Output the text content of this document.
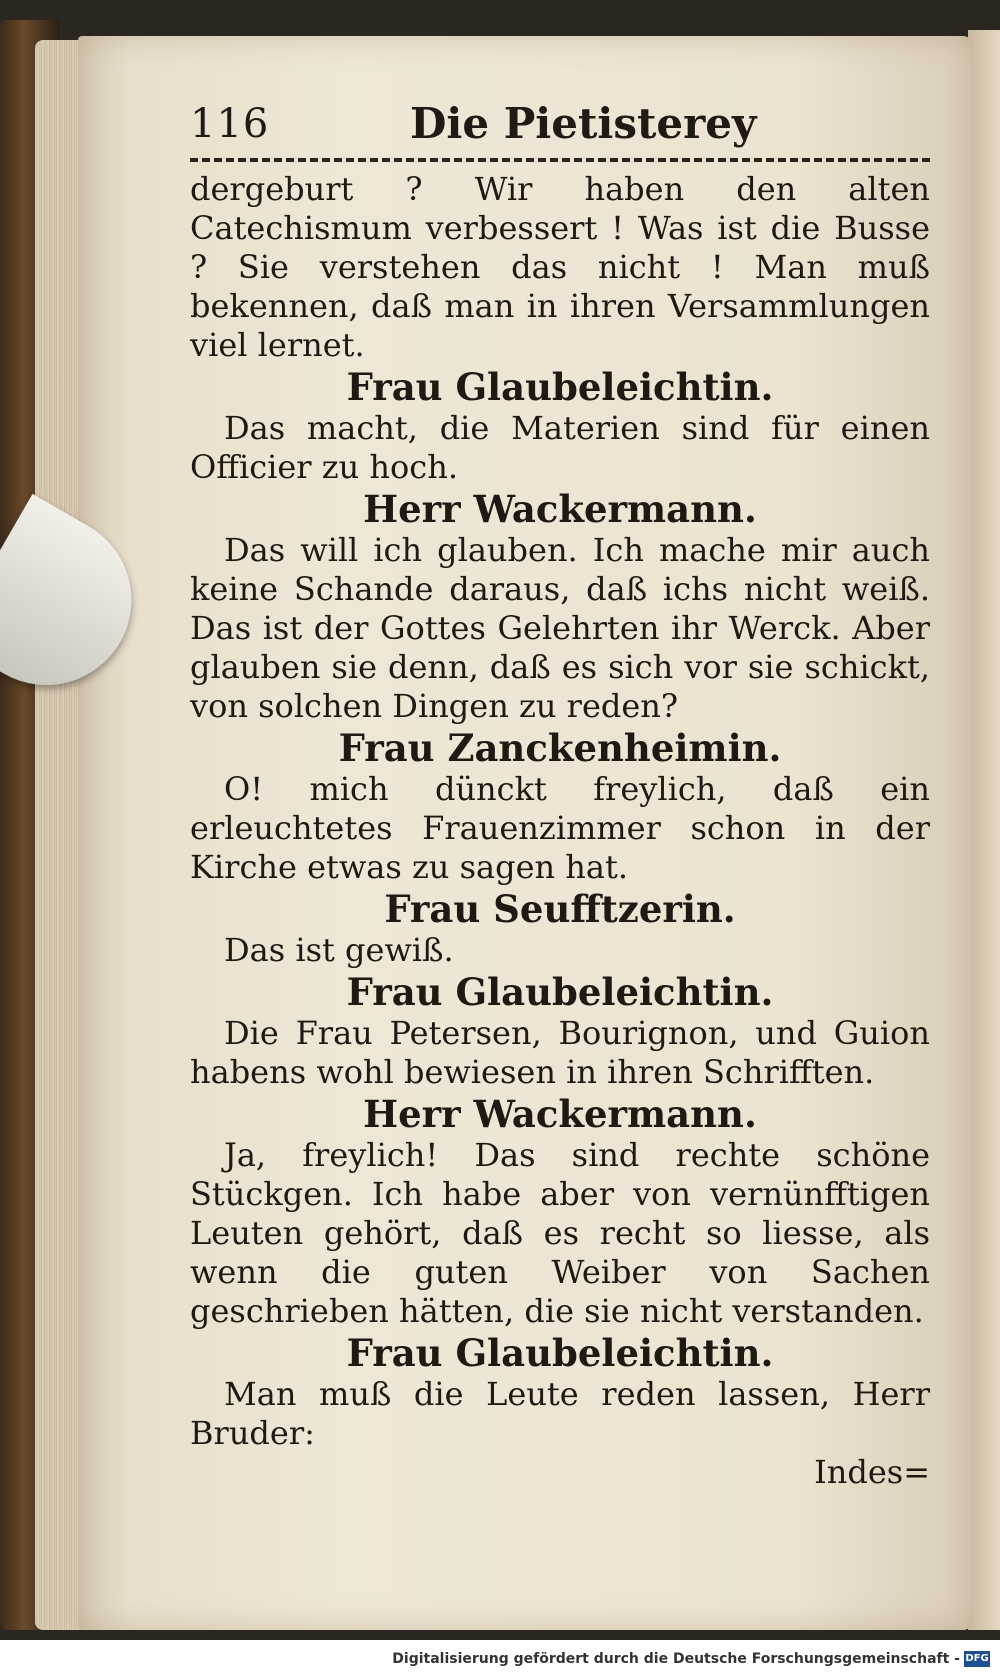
116	Die Pietisterey

dergeburt ? Wir haben den alten Catechismum verbessert ! Was ist die Busse ? Sie verstehen das nicht ! Man muß bekennen, daß man in ihren Versammlungen viel lernet.

Frau Glaubeleichtin.

Das macht, die Materien sind für einen Officier zu hoch.

Herr Wackermann.

Das will ich glauben. Ich mache mir auch keine Schande daraus, daß ichs nicht weiß. Das ist der Gottes Gelehrten ihr Werck. Aber glauben sie denn, daß es sich vor sie schickt, von solchen Dingen zu reden?

Frau Zanckenheimin.

O! mich dünckt freylich, daß ein erleuchtetes Frauenzimmer schon in der Kirche etwas zu sagen hat.

Frau Seufftzerin.

Das ist gewiß.

Frau Glaubeleichtin.

Die Frau Petersen, Bourignon, und Guion habens wohl bewiesen in ihren Schrifften.

Herr Wackermann.

Ja, freylich! Das sind rechte schöne Stückgen. Ich habe aber von vernünfftigen Leuten gehört, daß es recht so liesse, als wenn die guten Weiber von Sachen geschrieben hätten, die sie nicht verstanden.

Frau Glaubeleichtin.

Man muß die Leute reden lassen, Herr Bruder:

Indes=

Digitalisierung gefördert durch die Deutsche Forschungsgemeinschaft - DFG
